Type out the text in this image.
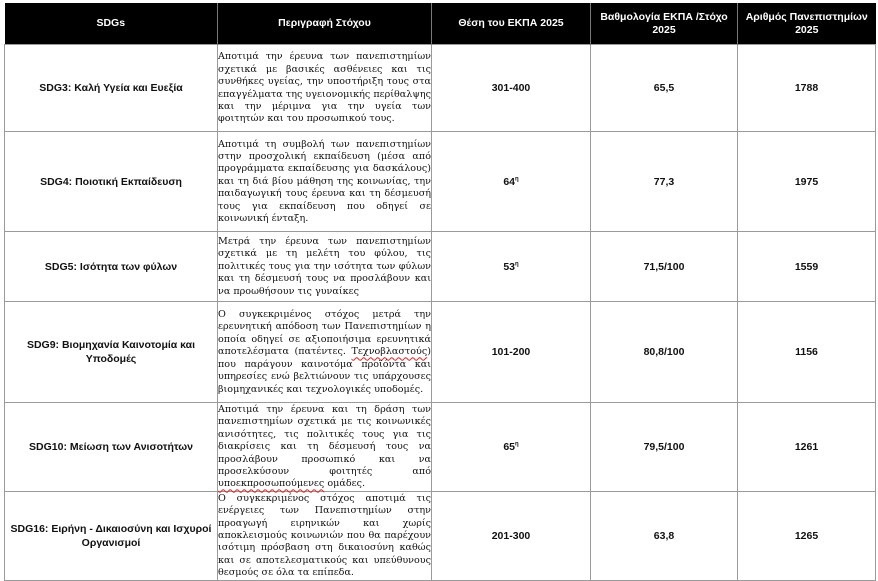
SDGs	Περιγραφή Στόχου	Θέση του ΕΚΠΑ 2025	Βαθμολογία ΕΚΠΑ /Στόχο 2025	Αριθμός Πανεπιστημίων 2025
SDG3: Καλή Υγεία και Ευεξία	Αποτιμά την έρευνα των πανεπιστημίων σχετικά με βασικές ασθένειες και τις συνθήκες υγείας, την υποστήριξη τους στα επαγγέλματα της υγειονομικής περίθαλψης και την μέριμνα για την υγεία των φοιτητών και του προσωπικού τους.	301-400	65,5	1788
SDG4: Ποιοτική Εκπαίδευση	Αποτιμά τη συμβολή των πανεπιστημίων στην προσχολική εκπαίδευση (μέσα από προγράμματα εκπαίδευσης για δασκάλους) και τη διά βίου μάθηση της κοινωνίας, την παιδαγωγική τους έρευνα και τη δέσμευσή τους για εκπαίδευση που οδηγεί σε κοινωνική ένταξη.	$64^\eta$	77,3	1975
SDG5: Ισότητα των φύλων	Μετρά την έρευνα των πανεπιστημίων σχετικά με τη μελέτη του φύλου, τις πολιτικές τους για την ισότητα των φύλων και τη δέσμευσή τους να προσλάβουν και να προωθήσουν τις γυναίκες	$53^\eta$	71,5/100	1559
SDG9: Βιομηχανία Καινοτομία και Υποδομές	Ο συγκεκριμένος στόχος μετρά την ερευνητική απόδοση των Πανεπιστημίων η οποία οδηγεί σε αξιοποιήσιμα ερευνητικά αποτελέσματα (πατέντες. Τεχνοβλαστούς) που παράγουν καινοτόμα προϊόντα και υπηρεσίες ενώ βελτιώνουν τις υπάρχουσες βιομηχανικές και τεχνολογικές υποδομές.	101-200	80,8/100	1156
SDG10: Μείωση των Ανισοτήτων	Αποτιμά την έρευνα και τη δράση των πανεπιστημίων σχετικά με τις κοινωνικές ανισότητες, τις πολιτικές τους για τις διακρίσεις και τη δέσμευσή τους να προσλάβουν προσωπικό και να προσελκύσουν φοιτητές από υποεκπροσωπούμενες ομάδες.	$65^\eta$	79,5/100	1261
SDG16: Ειρήνη - Δικαιοσύνη και Ισχυροί Οργανισμοί	Ο συγκεκριμένος στόχος αποτιμά τις ενέργειες των Πανεπιστημίων στην προαγωγή ειρηνικών και χωρίς αποκλεισμούς κοινωνιών που θα παρέχουν ισότιμη πρόσβαση στη δικαιοσύνη καθώς και σε αποτελεσματικούς και υπεύθυνους θεσμούς σε όλα τα επίπεδα.	201-300	63,8	1265
